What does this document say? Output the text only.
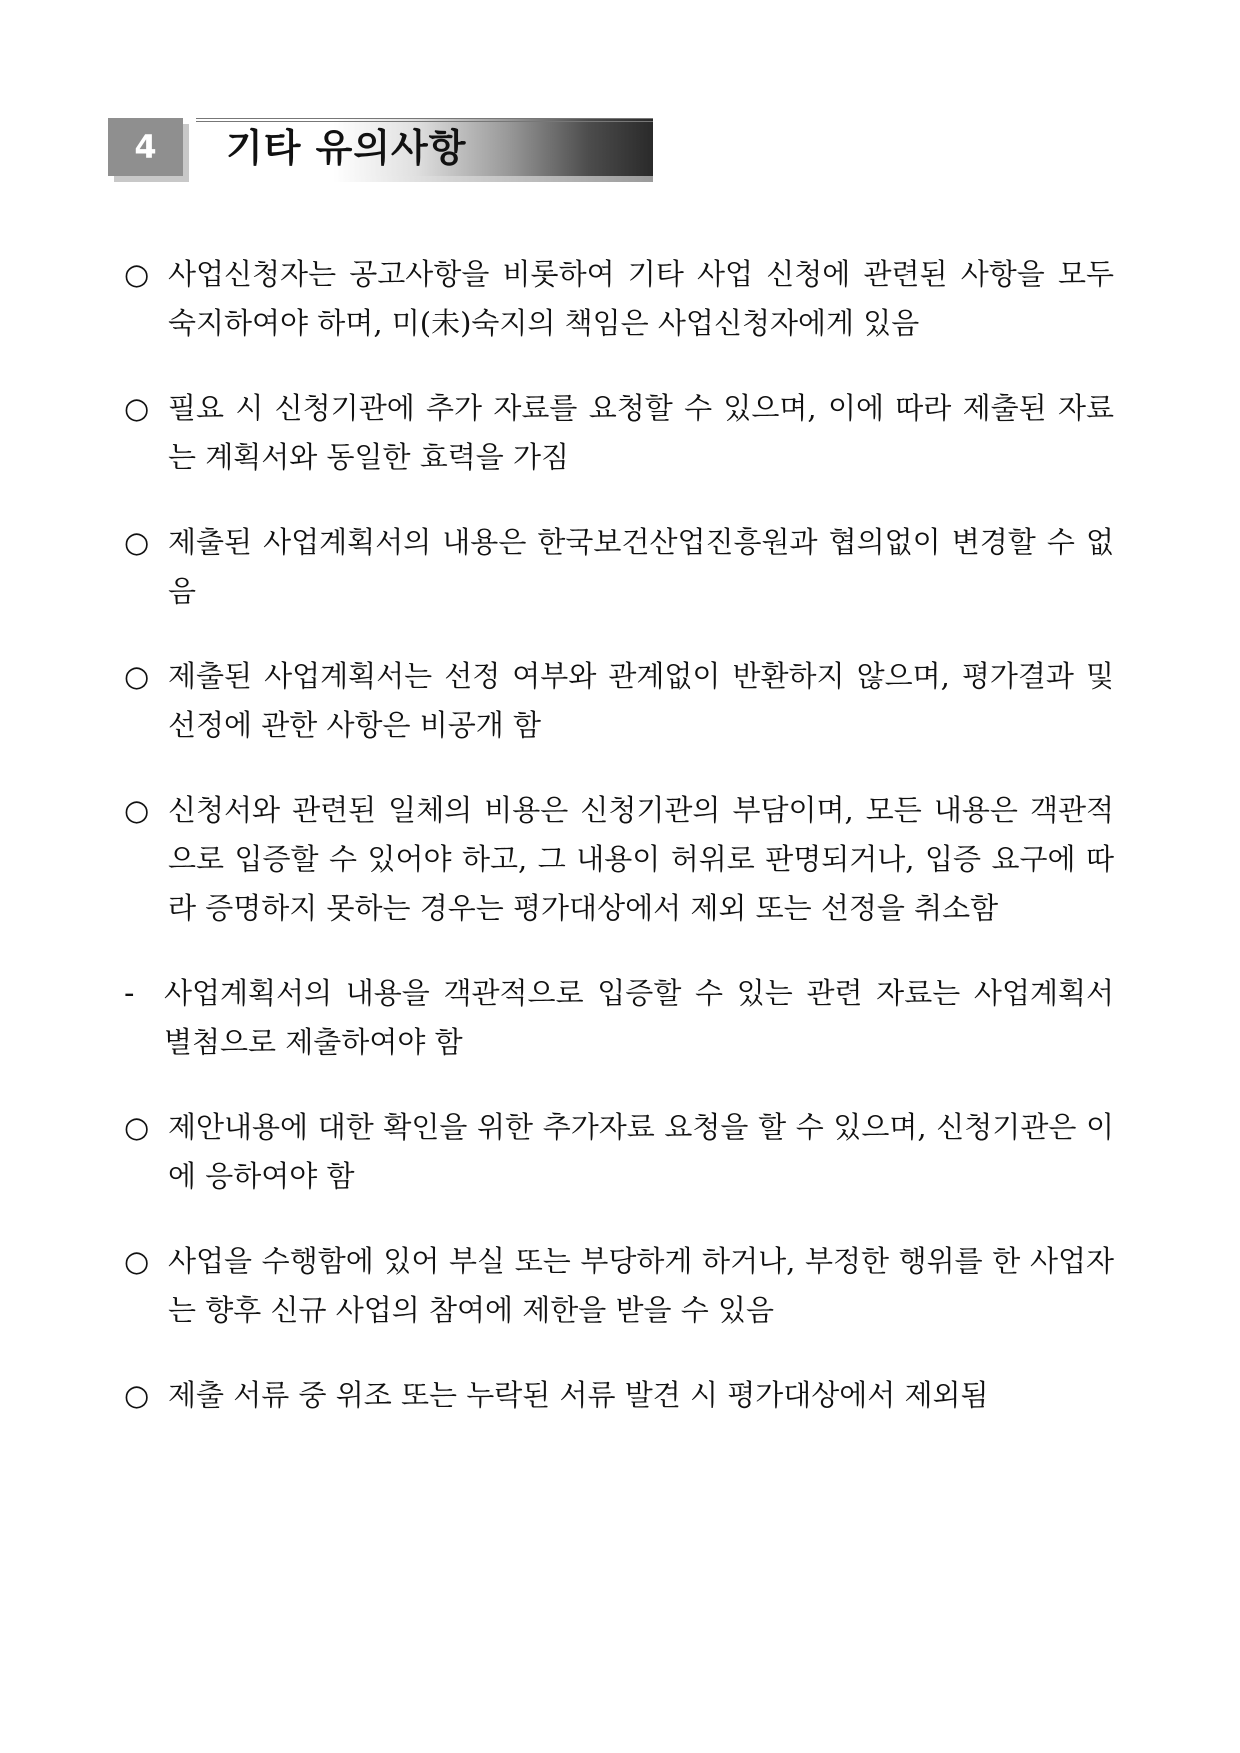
4	기타 유의사항
○ 사업신청자는 공고사항을 비롯하여 기타 사업 신청에 관련된 사항을 모두 숙지하여야 하며, 미(未)숙지의 책임은 사업신청자에게 있음
○ 필요 시 신청기관에 추가 자료를 요청할 수 있으며, 이에 따라 제출된 자료는 계획서와 동일한 효력을 가짐
○ 제출된 사업계획서의 내용은 한국보건산업진흥원과 협의없이 변경할 수 없음
○ 제출된 사업계획서는 선정 여부와 관계없이 반환하지 않으며, 평가결과 및 선정에 관한 사항은 비공개 함
○ 신청서와 관련된 일체의 비용은 신청기관의 부담이며, 모든 내용은 객관적으로 입증할 수 있어야 하고, 그 내용이 허위로 판명되거나, 입증 요구에 따라 증명하지 못하는 경우는 평가대상에서 제외 또는 선정을 취소함
-	사업계획서의 내용을 객관적으로 입증할 수 있는 관련 자료는 사업계획서 별첨으로 제출하여야 함
○ 제안내용에 대한 확인을 위한 추가자료 요청을 할 수 있으며, 신청기관은 이에 응하여야 함
○ 사업을 수행함에 있어 부실 또는 부당하게 하거나, 부정한 행위를 한 사업자는 향후 신규 사업의 참여에 제한을 받을 수 있음
○ 제출 서류 중 위조 또는 누락된 서류 발견 시 평가대상에서 제외됨
